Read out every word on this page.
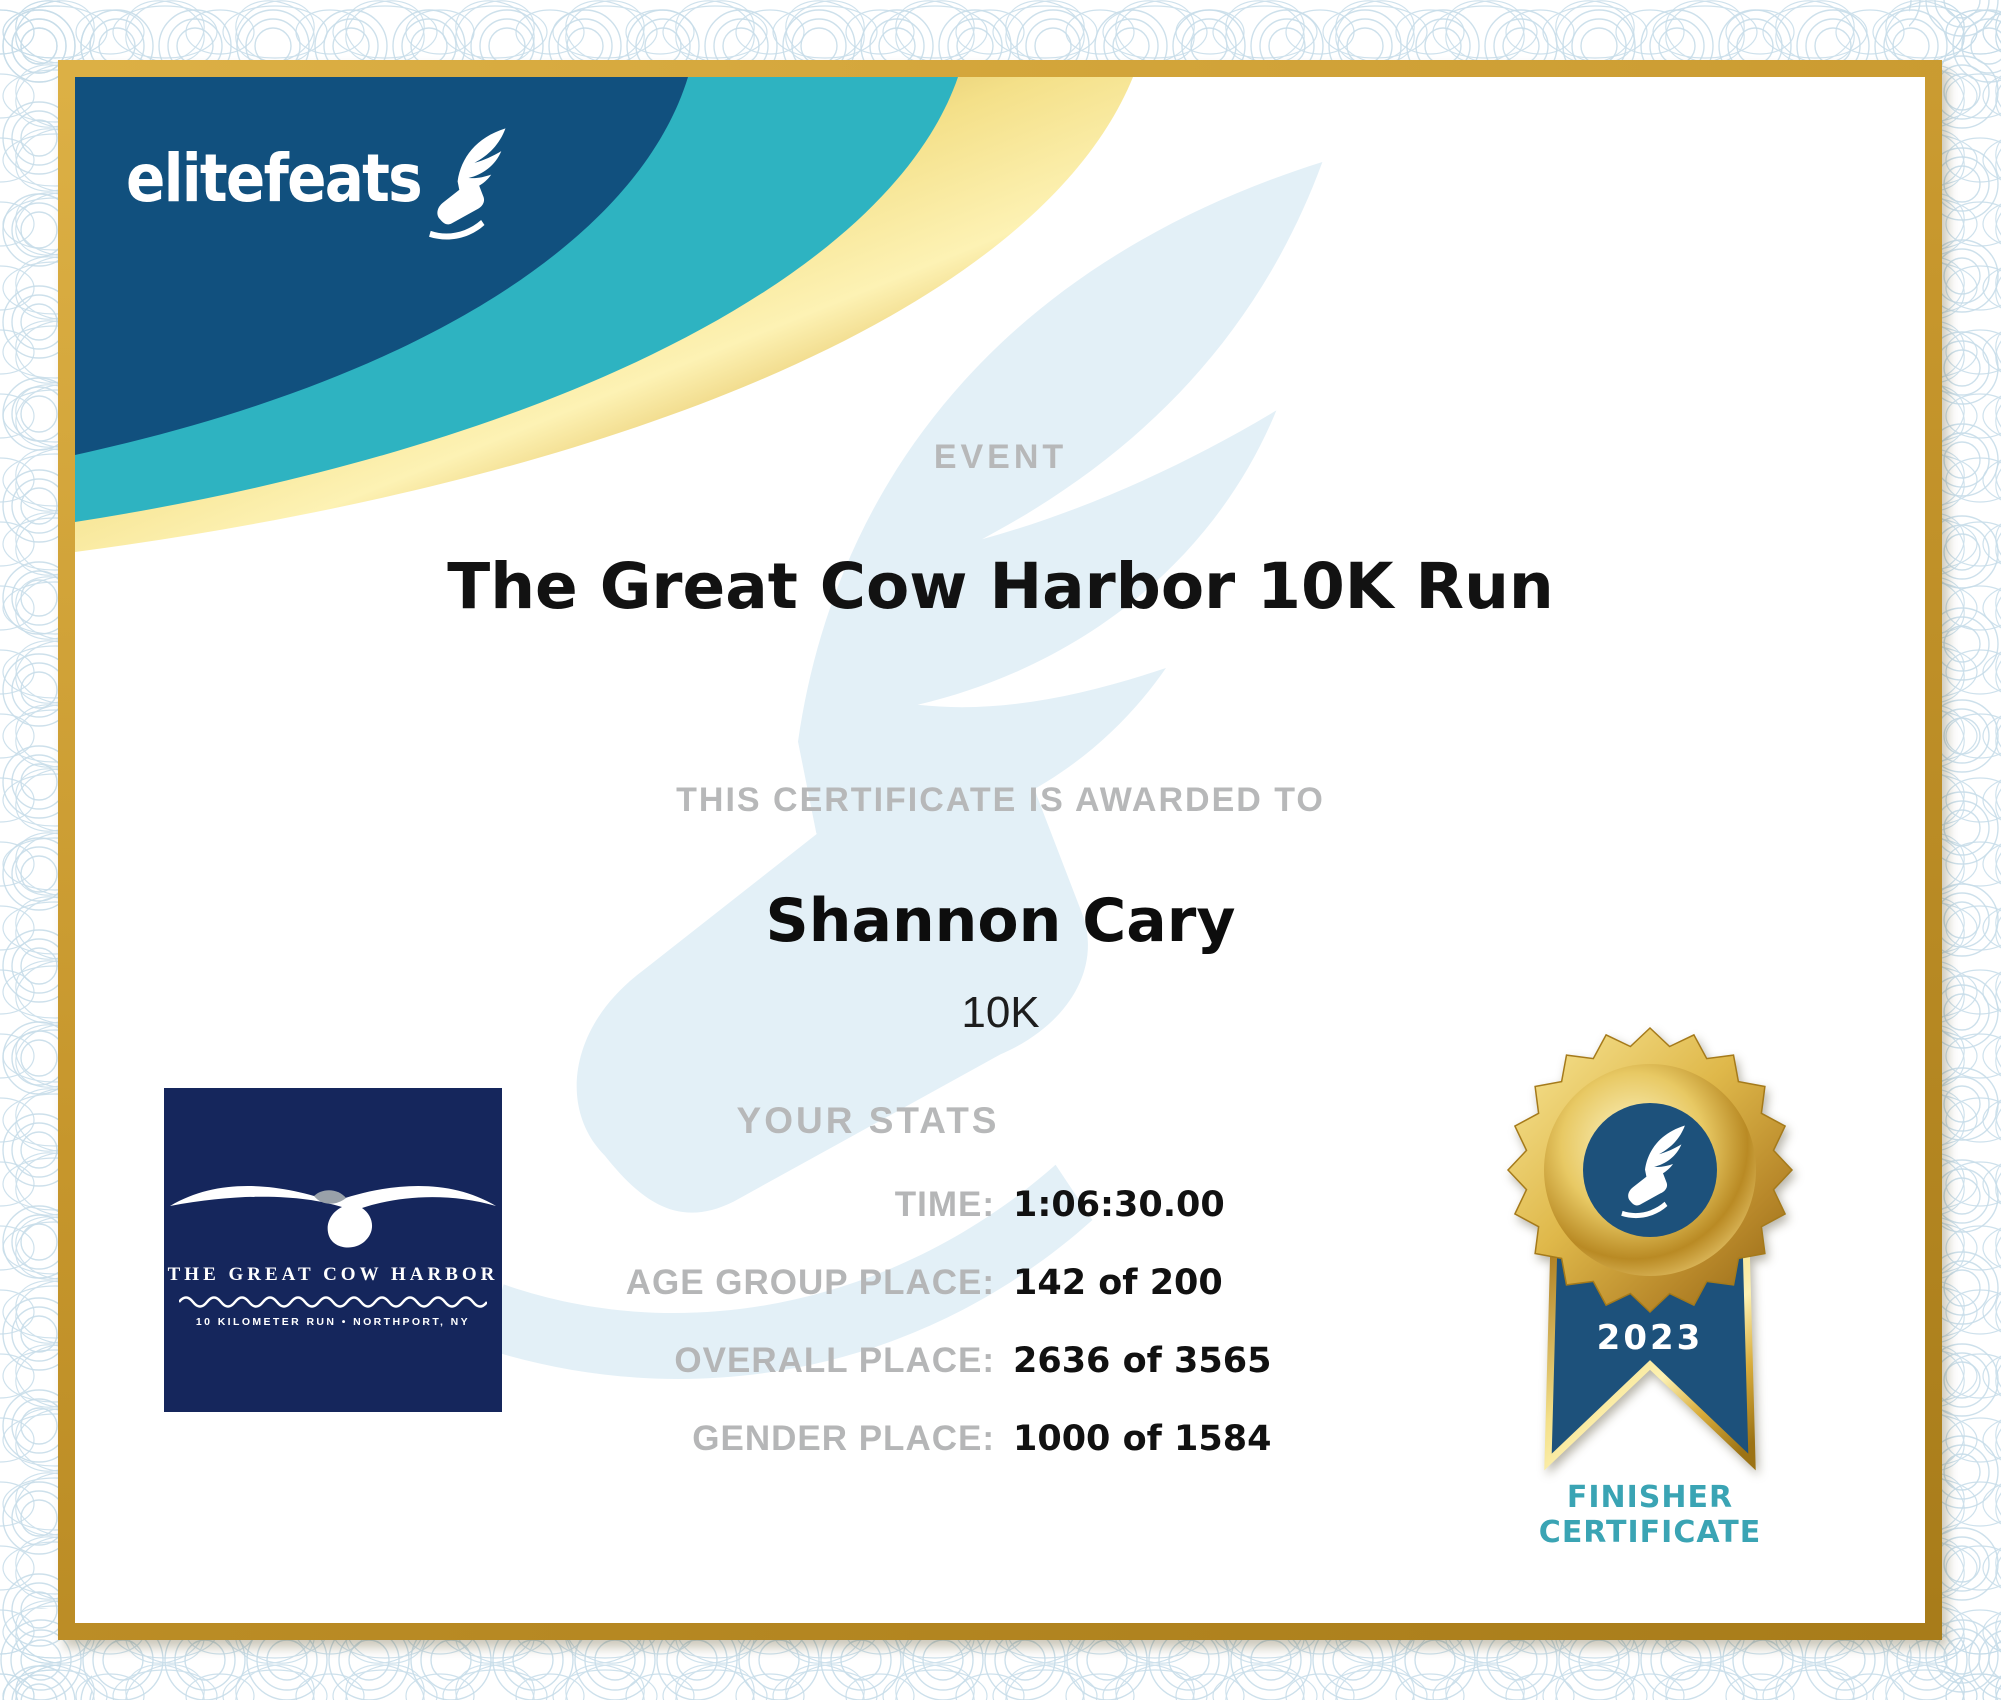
elitefeats
EVENT
The Great Cow Harbor 10K Run
THIS CERTIFICATE IS AWARDED TO
Shannon Cary
10K
YOUR STATS
TIME: 1:06:30.00
AGE GROUP PLACE: 142 of 200
OVERALL PLACE: 2636 of 3565
GENDER PLACE: 1000 of 1584
THE GREAT COW HARBOR
10 KILOMETER RUN • NORTHPORT, NY	2023
FINISHER
CERTIFICATE
